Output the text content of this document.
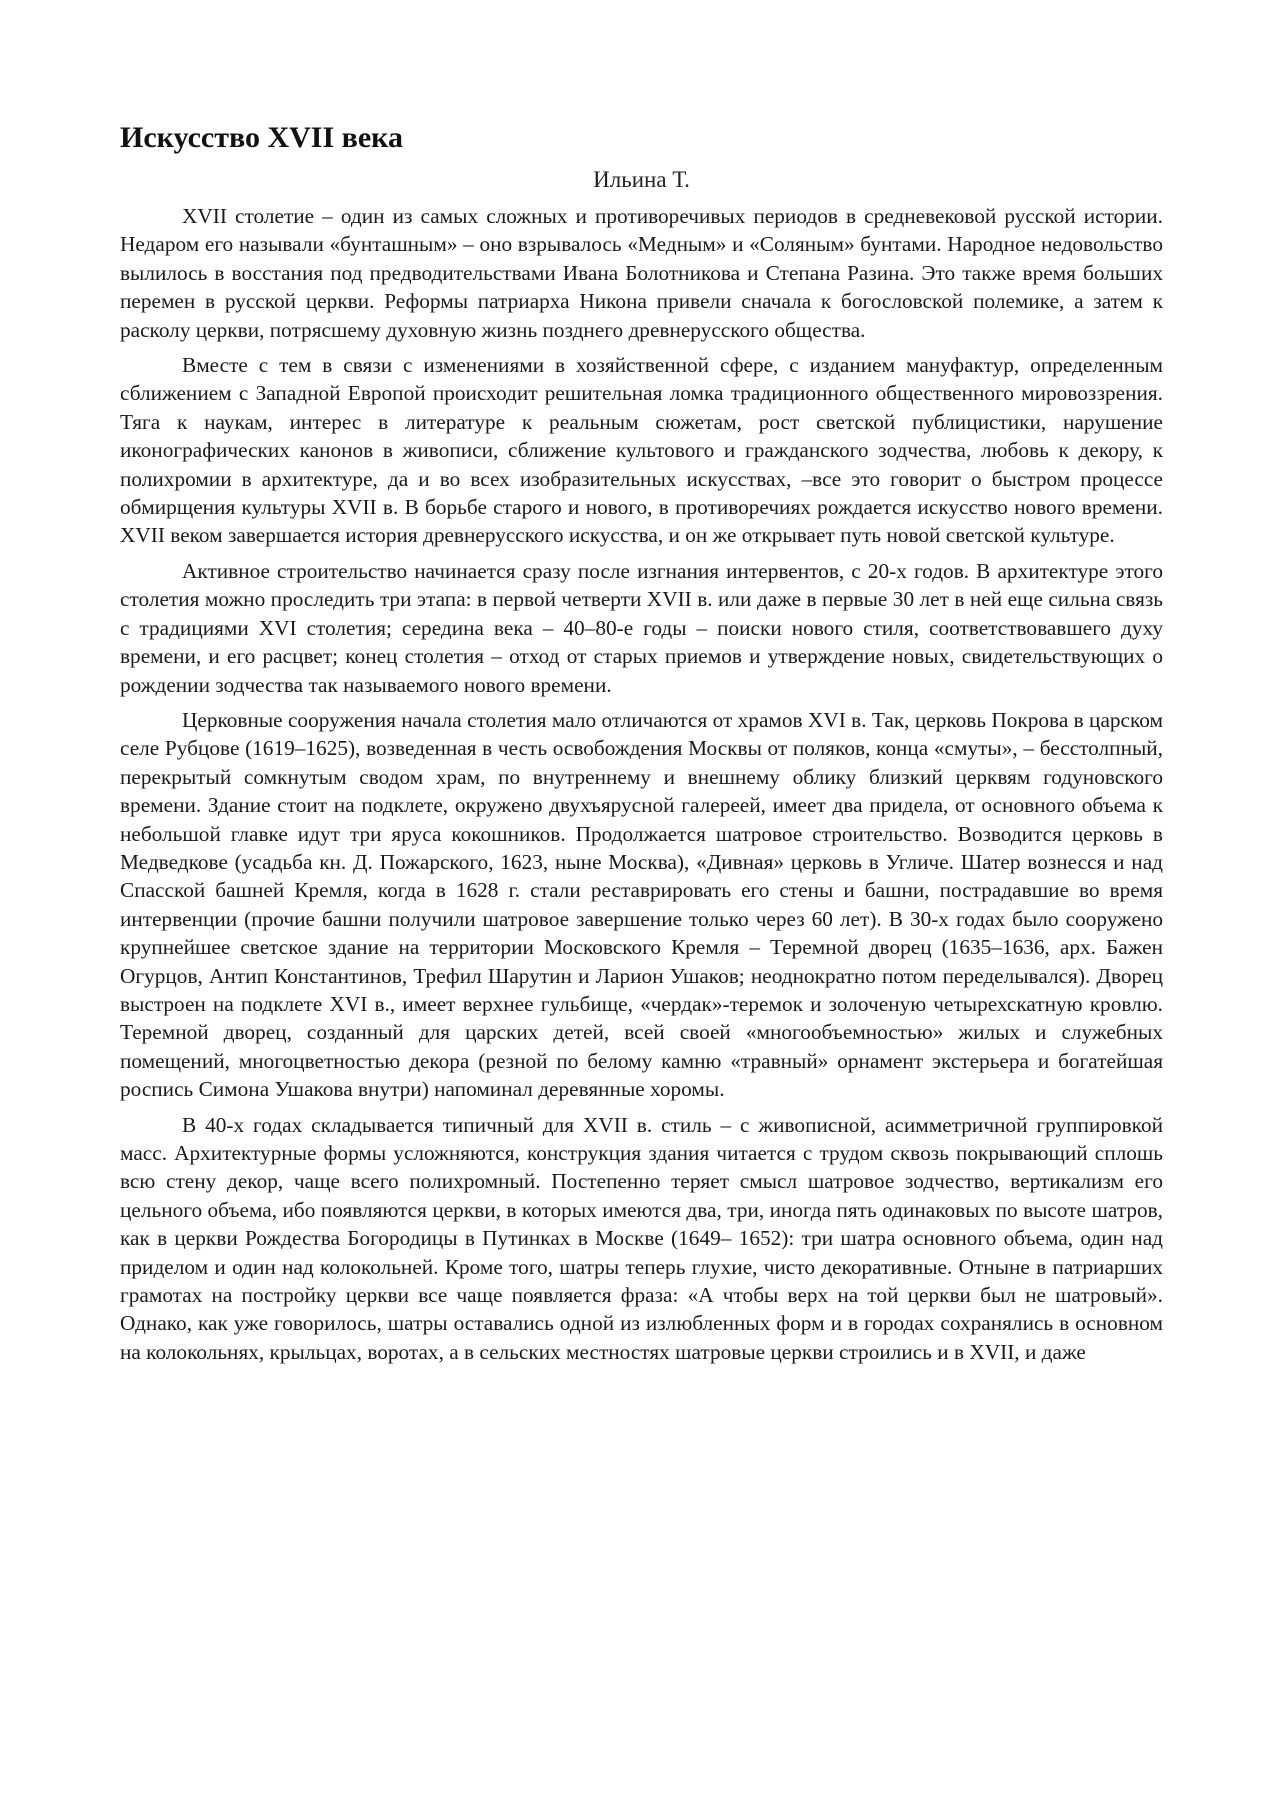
Искусство XVII века
Ильина Т.

XVII столетие – один из самых сложных и противоречивых периодов в средневековой русской истории. Недаром его называли «бунташным» – оно взрывалось «Медным» и «Соляным» бунтами. Народное недовольство вылилось в восстания под предводительствами Ивана Болотникова и Степана Разина. Это также время больших перемен в русской церкви. Реформы патриарха Никона привели сначала к богословской полемике, а затем к расколу церкви, потрясшему духовную жизнь позднего древнерусского общества.

Вместе с тем в связи с изменениями в хозяйственной сфере, с изданием мануфактур, определенным сближением с Западной Европой происходит решительная ломка традиционного общественного мировоззрения. Тяга к наукам, интерес в литературе к реальным сюжетам, рост светской публицистики, нарушение иконографических канонов в живописи, сближение культового и гражданского зодчества, любовь к декору, к полихромии в архитектуре, да и во всех изобразительных искусствах, –все это говорит о быстром процессе обмирщения культуры XVII в. В борьбе старого и нового, в противоречиях рождается искусство нового времени. XVII веком завершается история древнерусского искусства, и он же открывает путь новой светской культуре.

Активное строительство начинается сразу после изгнания интервентов, с 20-х годов. В архитектуре этого столетия можно проследить три этапа: в первой четверти XVII в. или даже в первые 30 лет в ней еще сильна связь с традициями XVI столетия; середина века – 40–80-е годы – поиски нового стиля, соответствовавшего духу времени, и его расцвет; конец столетия – отход от старых приемов и утверждение новых, свидетельствующих о рождении зодчества так называемого нового времени.

Церковные сооружения начала столетия мало отличаются от храмов XVI в. Так, церковь Покрова в царском селе Рубцове (1619–1625), возведенная в честь освобождения Москвы от поляков, конца «смуты», – бесстолпный, перекрытый сомкнутым сводом храм, по внутреннему и внешнему облику близкий церквям годуновского времени. Здание стоит на подклете, окружено двухъярусной галереей, имеет два придела, от основного объема к небольшой главке идут три яруса кокошников. Продолжается шатровое строительство. Возводится церковь в Медведкове (усадьба кн. Д. Пожарского, 1623, ныне Москва), «Дивная» церковь в Угличе. Шатер вознесся и над Спасской башней Кремля, когда в 1628 г. стали реставрировать его стены и башни, пострадавшие во время интервенции (прочие башни получили шатровое завершение только через 60 лет). В 30-х годах было сооружено крупнейшее светское здание на территории Московского Кремля – Теремной дворец (1635–1636, арх. Бажен Огурцов, Антип Константинов, Трефил Шарутин и Ларион Ушаков; неоднократно потом переделывался). Дворец выстроен на подклете XVI в., имеет верхнее гульбище, «чердак»-теремок и золоченую четырехскатную кровлю. Теремной дворец, созданный для царских детей, всей своей «многообъемностью» жилых и служебных помещений, многоцветностью декора (резной по белому камню «травный» орнамент экстерьера и богатейшая роспись Симона Ушакова внутри) напоминал деревянные хоромы.

В 40-х годах складывается типичный для XVII в. стиль – с живописной, асимметричной группировкой масс. Архитектурные формы усложняются, конструкция здания читается с трудом сквозь покрывающий сплошь всю стену декор, чаще всего полихромный. Постепенно теряет смысл шатровое зодчество, вертикализм его цельного объема, ибо появляются церкви, в которых имеются два, три, иногда пять одинаковых по высоте шатров, как в церкви Рождества Богородицы в Путинках в Москве (1649– 1652): три шатра основного объема, один над приделом и один над колокольней. Кроме того, шатры теперь глухие, чисто декоративные. Отныне в патриарших грамотах на постройку церкви все чаще появляется фраза: «А чтобы верх на той церкви был не шатровый». Однако, как уже говорилось, шатры оставались одной из излюбленных форм и в городах сохранялись в основном на колокольнях, крыльцах, воротах, а в сельских местностях шатровые церкви строились и в XVII, и даже
